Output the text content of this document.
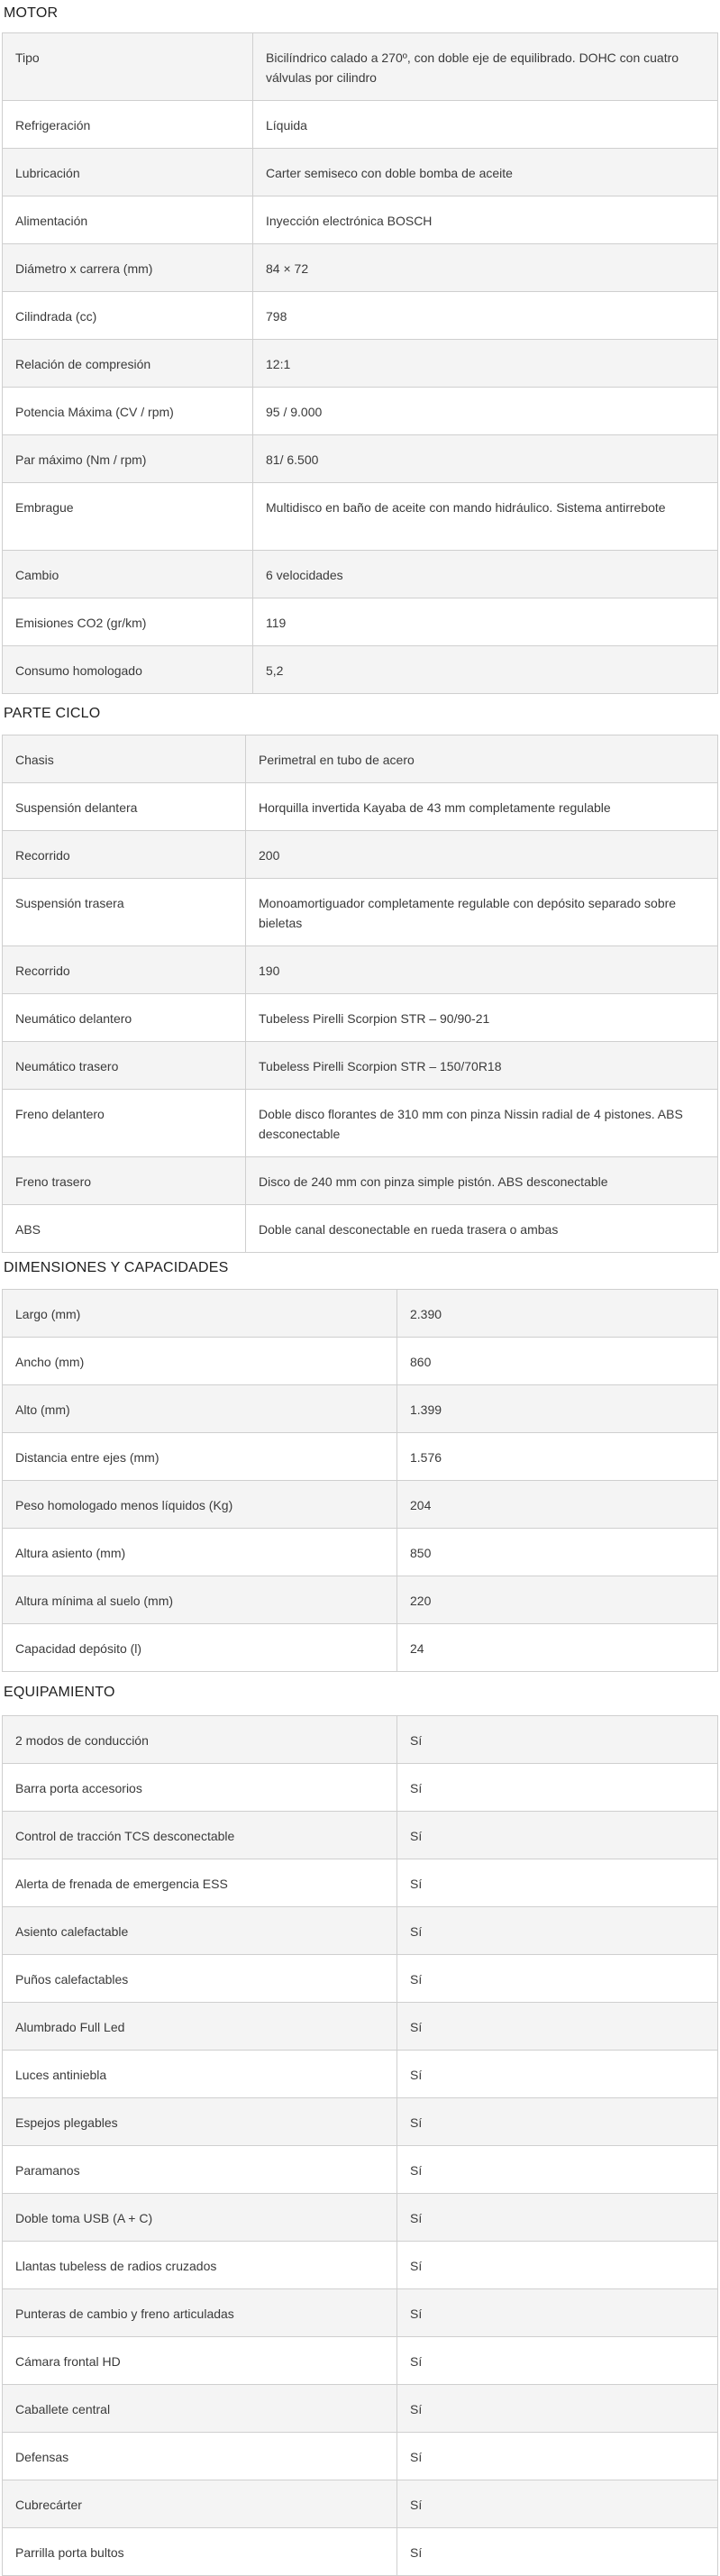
MOTOR
Tipo	Bicilíndrico calado a 270º, con doble eje de equilibrado. DOHC con cuatro válvulas por cilindro
Refrigeración	Líquida
Lubricación	Carter semiseco con doble bomba de aceite
Alimentación	Inyección electrónica BOSCH
Diámetro x carrera (mm)	84 × 72
Cilindrada (cc)	798
Relación de compresión	12:1
Potencia Máxima (CV / rpm)	95 / 9.000
Par máximo (Nm / rpm)	81/ 6.500
Embrague	Multidisco en baño de aceite con mando hidráulico. Sistema antirrebote
Cambio	6 velocidades
Emisiones CO2 (gr/km)	119
Consumo homologado	5,2
PARTE CICLO
Chasis	Perimetral en tubo de acero
Suspensión delantera	Horquilla invertida Kayaba de 43 mm completamente regulable
Recorrido	200
Suspensión trasera	Monoamortiguador completamente regulable con depósito separado sobre bieletas
Recorrido	190
Neumático delantero	Tubeless Pirelli Scorpion STR – 90/90-21
Neumático trasero	Tubeless Pirelli Scorpion STR – 150/70R18
Freno delantero	Doble disco florantes de 310 mm con pinza Nissin radial de 4 pistones. ABS desconectable
Freno trasero	Disco de 240 mm con pinza simple pistón. ABS desconectable
ABS	Doble canal desconectable en rueda trasera o ambas
DIMENSIONES Y CAPACIDADES
Largo (mm)	2.390
Ancho (mm)	860
Alto (mm)	1.399
Distancia entre ejes (mm)	1.576
Peso homologado menos líquidos (Kg)	204
Altura asiento (mm)	850
Altura mínima al suelo (mm)	220
Capacidad depósito (l)	24
EQUIPAMIENTO
2 modos de conducción	Sí
Barra porta accesorios	Sí
Control de tracción TCS desconectable	Sí
Alerta de frenada de emergencia ESS	Sí
Asiento calefactable	Sí
Puños calefactables	Sí
Alumbrado Full Led	Sí
Luces antiniebla	Sí
Espejos plegables	Sí
Paramanos	Sí
Doble toma USB (A + C)	Sí
Llantas tubeless de radios cruzados	Sí
Punteras de cambio y freno articuladas	Sí
Cámara frontal HD	Sí
Caballete central	Sí
Defensas	Sí
Cubrecárter	Sí
Parrilla porta bultos	Sí
